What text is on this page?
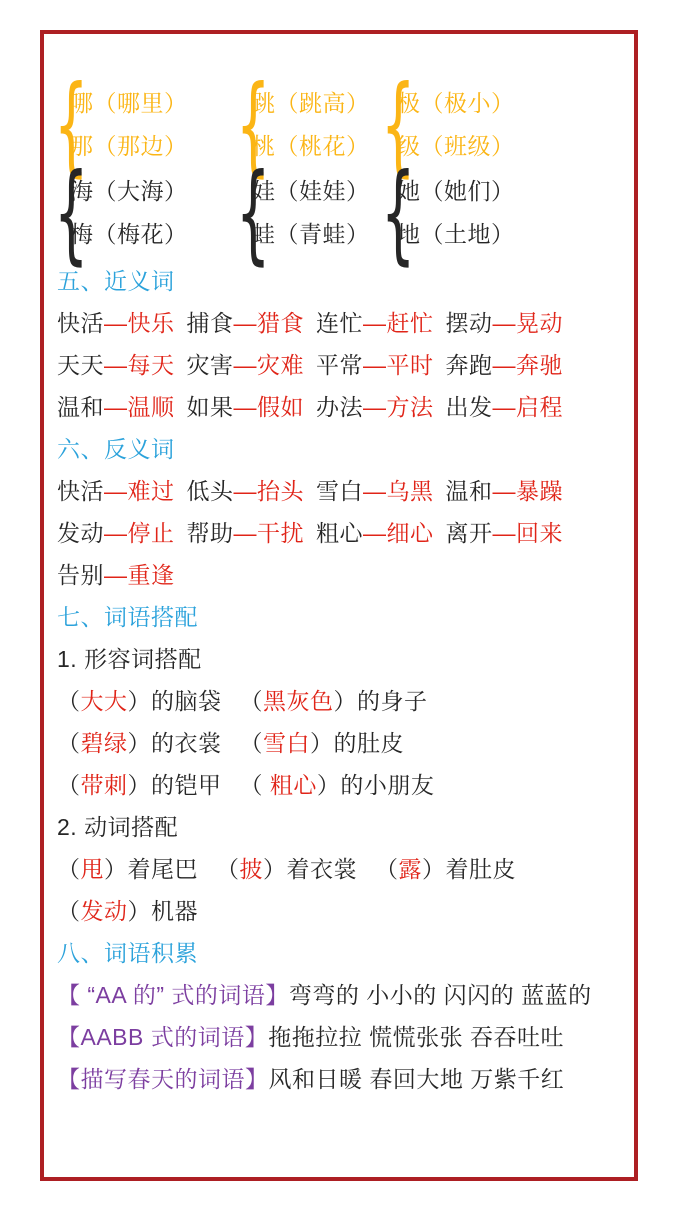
{
哪（哪里）
那（那边） {
跳（跳高）
桃（桃花） {
极（极小）
级（班级）
{
海（大海）
梅（梅花） {
娃（娃娃）
蛙（青蛙） {
她（她们）
地（土地）
五、近义词
快活—快乐 捕食—猎食 连忙—赶忙 摆动—晃动
天天—每天 灾害—灾难 平常—平时 奔跑—奔驰
温和—温顺 如果—假如 办法—方法 出发—启程
六、反义词
快活—难过 低头—抬头 雪白—乌黑 温和—暴躁
发动—停止 帮助—干扰 粗心—细心 离开—回来
告别—重逢
七、词语搭配
1. 形容词搭配
（大大）的脑袋 （黑灰色）的身子
（碧绿）的衣裳 （雪白）的肚皮
（带刺）的铠甲 （ 粗心）的小朋友
2. 动词搭配
（甩）着尾巴 （披）着衣裳 （露）着肚皮
（发动）机器
八、词语积累
【 “AA 的” 式的词语】弯弯的 小小的 闪闪的 蓝蓝的
【AABB 式的词语】拖拖拉拉 慌慌张张 吞吞吐吐
【描写春天的词语】风和日暖 春回大地 万紫千红
